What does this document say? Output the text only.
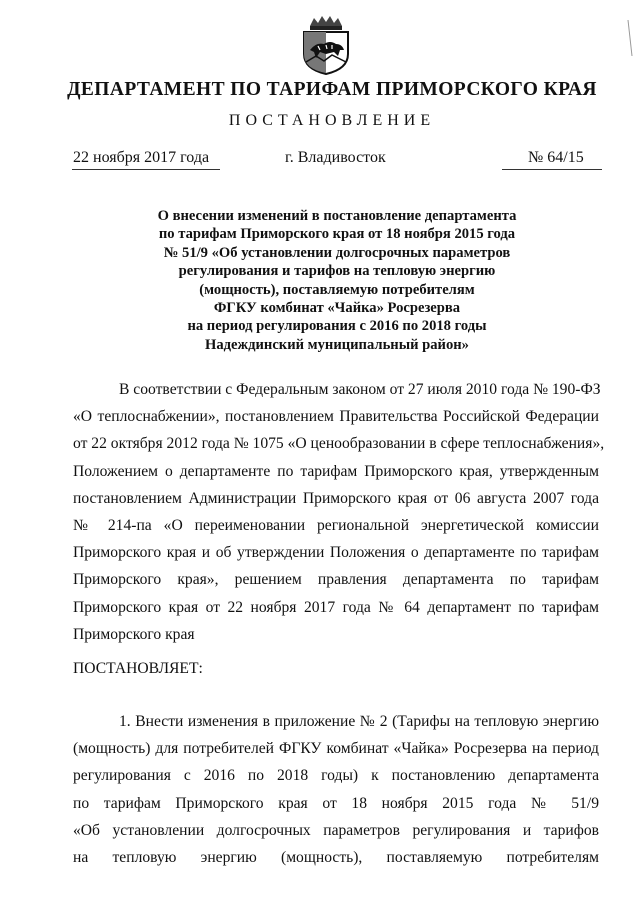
ДЕПАРТАМЕНТ ПО ТАРИФАМ ПРИМОРСКОГО КРАЯ
ПОСТАНОВЛЕНИЕ
22 ноября 2017 года	г. Владивосток	№ 64/15
О внесении изменений в постановление департамента
по тарифам Приморского края от 18 ноября 2015 года
№ 51/9 «Об установлении долгосрочных параметров
регулирования и тарифов на тепловую энергию
(мощность), поставляемую потребителям
ФГКУ комбинат «Чайка» Росрезерва
на период регулирования с 2016 по 2018 годы
Надеждинский муниципальный район»
В соответствии с Федеральным законом от 27 июля 2010 года № 190-ФЗ
«О теплоснабжении», постановлением Правительства Российской Федерации
от 22 октября 2012 года № 1075 «О ценообразовании в сфере теплоснабжения»,
Положением о департаменте по тарифам Приморского края, утвержденным
постановлением Администрации Приморского края от 06 августа 2007 года
№ 214-па «О переименовании региональной энергетической комиссии
Приморского края и об утверждении Положения о департаменте по тарифам
Приморского края», решением правления департамента по тарифам
Приморского края от 22 ноября 2017 года № 64 департамент по тарифам
Приморского края
ПОСТАНОВЛЯЕТ:
1. Внести изменения в приложение № 2 (Тарифы на тепловую энергию
(мощность) для потребителей ФГКУ комбинат «Чайка» Росрезерва на период
регулирования с 2016 по 2018 годы) к постановлению департамента
по тарифам Приморского края от 18 ноября 2015 года № 51/9
«Об установлении долгосрочных параметров регулирования и тарифов
на тепловую энергию (мощность), поставляемую потребителям
